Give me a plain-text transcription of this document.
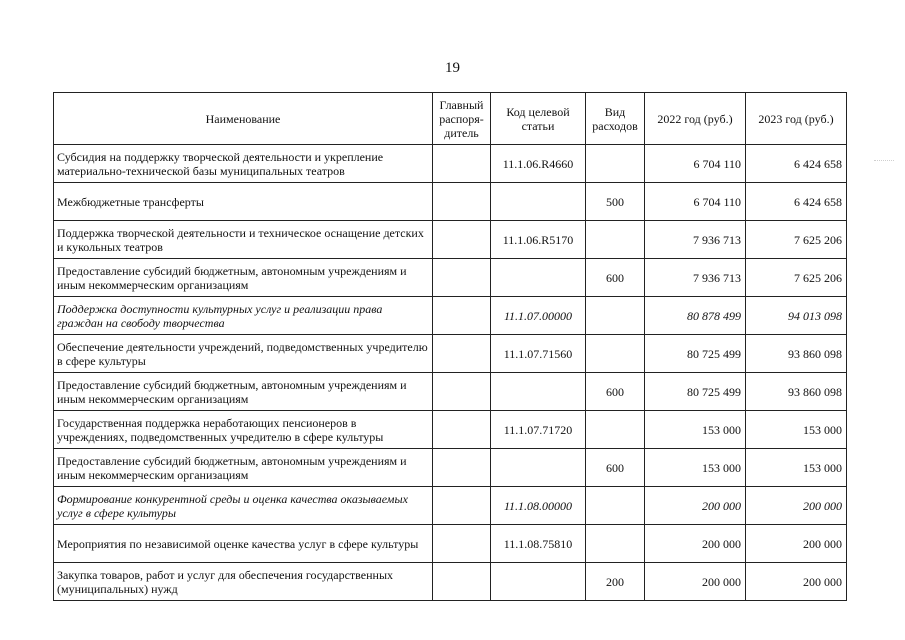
19
Наименование	Главный распоря-дитель	Код целевой статьи	Вид расходов	2022 год (руб.)	2023 год (руб.)
Субсидия на поддержку творческой деятельности и укрепление материально-технической базы муниципальных театров		11.1.06.R4660		6 704 110	6 424 658
Межбюджетные трансферты			500	6 704 110	6 424 658
Поддержка творческой деятельности и техническое оснащение детских и кукольных театров		11.1.06.R5170		7 936 713	7 625 206
Предоставление субсидий бюджетным, автономным учреждениям и иным некоммерческим организациям			600	7 936 713	7 625 206
Поддержка доступности культурных услуг и реализации права граждан на свободу творчества		11.1.07.00000		80 878 499	94 013 098
Обеспечение деятельности учреждений, подведомственных учредителю в сфере культуры		11.1.07.71560		80 725 499	93 860 098
Предоставление субсидий бюджетным, автономным учреждениям и иным некоммерческим организациям			600	80 725 499	93 860 098
Государственная поддержка неработающих пенсионеров в учреждениях, подведомственных учредителю в сфере культуры		11.1.07.71720		153 000	153 000
Предоставление субсидий бюджетным, автономным учреждениям и иным некоммерческим организациям			600	153 000	153 000
Формирование конкурентной среды и оценка качества оказываемых услуг в сфере культуры		11.1.08.00000		200 000	200 000
Мероприятия по независимой оценке качества услуг в сфере культуры		11.1.08.75810		200 000	200 000
Закупка товаров, работ и услуг для обеспечения государственных (муниципальных) нужд			200	200 000	200 000
